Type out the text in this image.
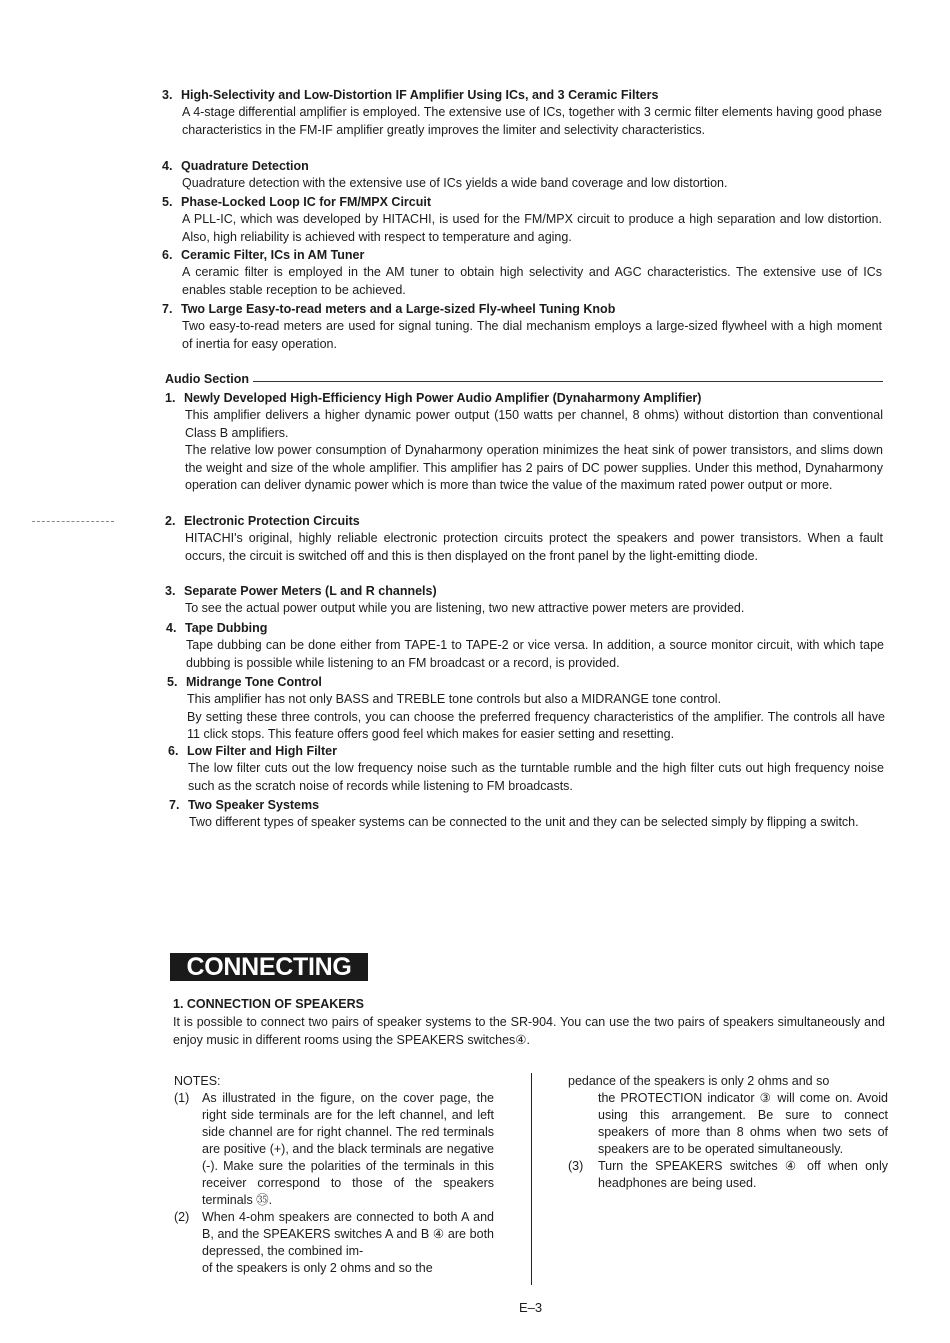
3. High-Selectivity and Low-Distortion IF Amplifier Using ICs, and 3 Ceramic Filters

A 4-stage differential amplifier is employed. The extensive use of ICs, together with 3 cermic filter elements having good phase characteristics in the FM-IF amplifier greatly improves the limiter and selectivity characteristics.

4. Quadrature Detection

Quadrature detection with the extensive use of ICs yields a wide band coverage and low distortion.

5. Phase-Locked Loop IC for FM/MPX Circuit

A PLL-IC, which was developed by HITACHI, is used for the FM/MPX circuit to produce a high separation and low distortion. Also, high reliability is achieved with respect to temperature and aging.

6. Ceramic Filter, ICs in AM Tuner

A ceramic filter is employed in the AM tuner to obtain high selectivity and AGC characteristics. The extensive use of ICs enables stable reception to be achieved.

7. Two Large Easy-to-read meters and a Large-sized Fly-wheel Tuning Knob

Two easy-to-read meters are used for signal tuning. The dial mechanism employs a large-sized flywheel with a high moment of inertia for easy operation.

Audio Section
1. Newly Developed High-Efficiency High Power Audio Amplifier (Dynaharmony Amplifier)

This amplifier delivers a higher dynamic power output (150 watts per channel, 8 ohms) without distortion than conventional Class B amplifiers.

The relative low power consumption of Dynaharmony operation minimizes the heat sink of power transistors, and slims down the weight and size of the whole amplifier. This amplifier has 2 pairs of DC power supplies. Under this method, Dynaharmony operation can deliver dynamic power which is more than twice the value of the maximum rated power output or more.

2. Electronic Protection Circuits

HITACHI's original, highly reliable electronic protection circuits protect the speakers and power transistors. When a fault occurs, the circuit is switched off and this is then displayed on the front panel by the light-emitting diode.

3. Separate Power Meters (L and R channels)

To see the actual power output while you are listening, two new attractive power meters are provided.

4. Tape Dubbing

Tape dubbing can be done either from TAPE-1 to TAPE-2 or vice versa. In addition, a source monitor circuit, with which tape dubbing is possible while listening to an FM broadcast or a record, is provided.

5. Midrange Tone Control

This amplifier has not only BASS and TREBLE tone controls but also a MIDRANGE tone control.

By setting these three controls, you can choose the preferred frequency characteristics of the amplifier. The controls all have 11 click stops. This feature offers good feel which makes for easier setting and resetting.

6. Low Filter and High Filter

The low filter cuts out the low frequency noise such as the turntable rumble and the high filter cuts out high frequency noise such as the scratch noise of records while listening to FM broadcasts.

7. Two Speaker Systems

Two different types of speaker systems can be connected to the unit and they can be selected simply by flipping a switch.

CONNECTING
1. CONNECTION OF SPEAKERS
It is possible to connect two pairs of speaker systems to the SR-904. You can use the two pairs of speakers simultaneously and enjoy music in different rooms using the SPEAKERS switches④.

NOTES:

(1) As illustrated in the figure, on the cover page, the right side terminals are for the left channel, and left side channel are for right channel. The red terminals are positive (+), and the black terminals are negative (-). Make sure the polarities of the terminals in this receiver correspond to those of the speakers terminals ㉟.

(2) When 4-ohm speakers are connected to both A and B, and the SPEAKERS switches A and B ④ are both depressed, the combined im-

of the speakers is only 2 ohms and so the

pedance of the speakers is only 2 ohms and so

the PROTECTION indicator ③ will come on. Avoid using this arrangement. Be sure to connect speakers of more than 8 ohms when two sets of speakers are to be operated simultaneously.

(3) Turn the SPEAKERS switches ④ off when only headphones are being used.

E–3
